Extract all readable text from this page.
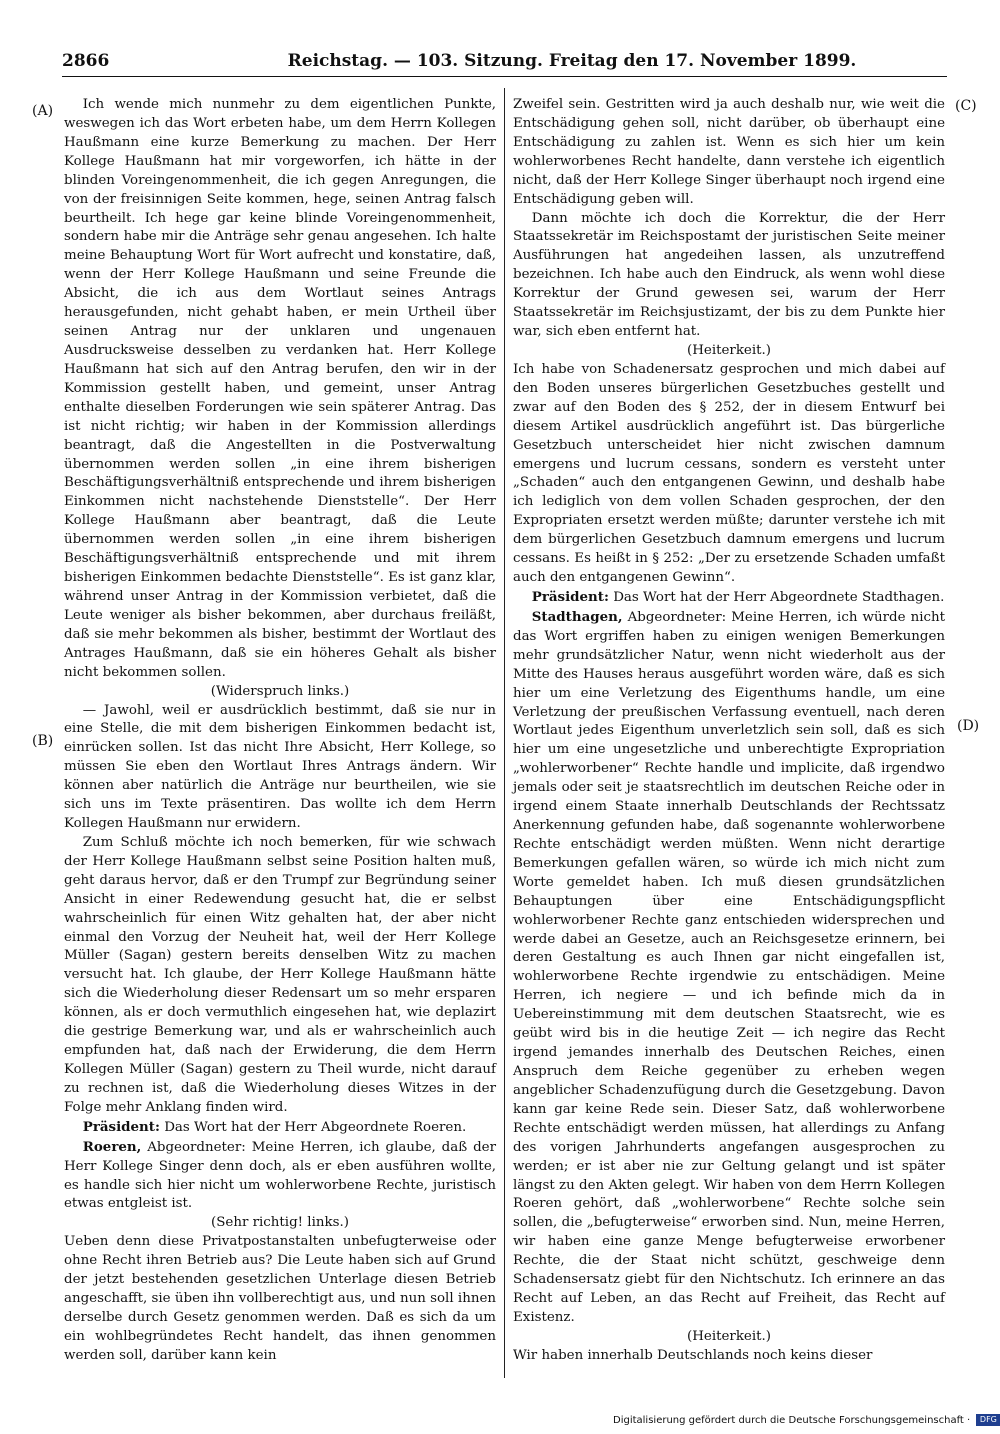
2866	Reichstag. — 103. Sitzung. Freitag den 17. November 1899.
(A)
(B)
(C)
(D)

Ich wende mich nunmehr zu dem eigentlichen Punkte, weswegen ich das Wort erbeten habe, um dem Herrn Kollegen Haußmann eine kurze Bemerkung zu machen. Der Herr Kollege Haußmann hat mir vorgeworfen, ich hätte in der blinden Voreingenommenheit, die ich gegen Anregungen, die von der freisinnigen Seite kommen, hege, seinen Antrag falsch beurtheilt. Ich hege gar keine blinde Voreingenommenheit, sondern habe mir die Anträge sehr genau angesehen. Ich halte meine Behauptung Wort für Wort aufrecht und konstatire, daß, wenn der Herr Kollege Haußmann und seine Freunde die Absicht, die ich aus dem Wortlaut seines Antrags herausgefunden, nicht gehabt haben, er mein Urtheil über seinen Antrag nur der unklaren und ungenauen Ausdrucksweise desselben zu verdanken hat. Herr Kollege Haußmann hat sich auf den Antrag berufen, den wir in der Kommission gestellt haben, und gemeint, unser Antrag enthalte dieselben Forderungen wie sein späterer Antrag. Das ist nicht richtig; wir haben in der Kommission allerdings beantragt, daß die Angestellten in die Postverwaltung übernommen werden sollen „in eine ihrem bisherigen Beschäftigungsverhältniß entsprechende und ihrem bisherigen Einkommen nicht nachstehende Dienststelle“. Der Herr Kollege Haußmann aber beantragt, daß die Leute übernommen werden sollen „in eine ihrem bisherigen Beschäftigungsverhältniß entsprechende und mit ihrem bisherigen Einkommen bedachte Dienststelle“. Es ist ganz klar, während unser Antrag in der Kommission verbietet, daß die Leute weniger als bisher bekommen, aber durchaus freiläßt, daß sie mehr bekommen als bisher, bestimmt der Wortlaut des Antrages Haußmann, daß sie ein höheres Gehalt als bisher nicht bekommen sollen.

(Widerspruch links.)

— Jawohl, weil er ausdrücklich bestimmt, daß sie nur in eine Stelle, die mit dem bisherigen Einkommen bedacht ist, einrücken sollen. Ist das nicht Ihre Absicht, Herr Kollege, so müssen Sie eben den Wortlaut Ihres Antrags ändern. Wir können aber natürlich die Anträge nur beurtheilen, wie sie sich uns im Texte präsentiren. Das wollte ich dem Herrn Kollegen Haußmann nur erwidern.

Zum Schluß möchte ich noch bemerken, für wie schwach der Herr Kollege Haußmann selbst seine Position halten muß, geht daraus hervor, daß er den Trumpf zur Begründung seiner Ansicht in einer Redewendung gesucht hat, die er selbst wahrscheinlich für einen Witz gehalten hat, der aber nicht einmal den Vorzug der Neuheit hat, weil der Herr Kollege Müller (Sagan) gestern bereits denselben Witz zu machen versucht hat. Ich glaube, der Herr Kollege Haußmann hätte sich die Wiederholung dieser Redensart um so mehr ersparen können, als er doch vermuthlich eingesehen hat, wie deplazirt die gestrige Bemerkung war, und als er wahrscheinlich auch empfunden hat, daß nach der Erwiderung, die dem Herrn Kollegen Müller (Sagan) gestern zu Theil wurde, nicht darauf zu rechnen ist, daß die Wiederholung dieses Witzes in der Folge mehr Anklang finden wird.

Präsident: Das Wort hat der Herr Abgeordnete Roeren.

Roeren, Abgeordneter: Meine Herren, ich glaube, daß der Herr Kollege Singer denn doch, als er eben ausführen wollte, es handle sich hier nicht um wohlerworbene Rechte, juristisch etwas entgleist ist.

(Sehr richtig! links.)

Ueben denn diese Privatpostanstalten unbefugterweise oder ohne Recht ihren Betrieb aus? Die Leute haben sich auf Grund der jetzt bestehenden gesetzlichen Unterlage diesen Betrieb angeschafft, sie üben ihn vollberechtigt aus, und nun soll ihnen derselbe durch Gesetz genommen werden. Daß es sich da um ein wohlbegründetes Recht handelt, das ihnen genommen werden soll, darüber kann kein

Zweifel sein. Gestritten wird ja auch deshalb nur, wie weit die Entschädigung gehen soll, nicht darüber, ob überhaupt eine Entschädigung zu zahlen ist. Wenn es sich hier um kein wohlerworbenes Recht handelte, dann verstehe ich eigentlich nicht, daß der Herr Kollege Singer überhaupt noch irgend eine Entschädigung geben will.

Dann möchte ich doch die Korrektur, die der Herr Staatssekretär im Reichspostamt der juristischen Seite meiner Ausführungen hat angedeihen lassen, als unzutreffend bezeichnen. Ich habe auch den Eindruck, als wenn wohl diese Korrektur der Grund gewesen sei, warum der Herr Staatssekretär im Reichsjustizamt, der bis zu dem Punkte hier war, sich eben entfernt hat.

(Heiterkeit.)

Ich habe von Schadenersatz gesprochen und mich dabei auf den Boden unseres bürgerlichen Gesetzbuches gestellt und zwar auf den Boden des § 252, der in diesem Entwurf bei diesem Artikel ausdrücklich angeführt ist. Das bürgerliche Gesetzbuch unterscheidet hier nicht zwischen damnum emergens und lucrum cessans, sondern es versteht unter „Schaden“ auch den entgangenen Gewinn, und deshalb habe ich lediglich von dem vollen Schaden gesprochen, der den Expropriaten ersetzt werden müßte; darunter verstehe ich mit dem bürgerlichen Gesetzbuch damnum emergens und lucrum cessans. Es heißt in § 252: „Der zu ersetzende Schaden umfaßt auch den entgangenen Gewinn“.

Präsident: Das Wort hat der Herr Abgeordnete Stadthagen.

Stadthagen, Abgeordneter: Meine Herren, ich würde nicht das Wort ergriffen haben zu einigen wenigen Bemerkungen mehr grundsätzlicher Natur, wenn nicht wiederholt aus der Mitte des Hauses heraus ausgeführt worden wäre, daß es sich hier um eine Verletzung des Eigenthums handle, um eine Verletzung der preußischen Verfassung eventuell, nach deren Wortlaut jedes Eigenthum unverletzlich sein soll, daß es sich hier um eine ungesetzliche und unberechtigte Expropriation „wohlerworbener“ Rechte handle und implicite, daß irgendwo jemals oder seit je staatsrechtlich im deutschen Reiche oder in irgend einem Staate innerhalb Deutschlands der Rechtssatz Anerkennung gefunden habe, daß sogenannte wohlerworbene Rechte entschädigt werden müßten. Wenn nicht derartige Bemerkungen gefallen wären, so würde ich mich nicht zum Worte gemeldet haben. Ich muß diesen grundsätzlichen Behauptungen über eine Entschädigungspflicht wohlerworbener Rechte ganz entschieden widersprechen und werde dabei an Gesetze, auch an Reichsgesetze erinnern, bei deren Gestaltung es auch Ihnen gar nicht eingefallen ist, wohlerworbene Rechte irgendwie zu entschädigen. Meine Herren, ich negiere — und ich befinde mich da in Uebereinstimmung mit dem deutschen Staatsrecht, wie es geübt wird bis in die heutige Zeit — ich negire das Recht irgend jemandes innerhalb des Deutschen Reiches, einen Anspruch dem Reiche gegenüber zu erheben wegen angeblicher Schadenzufügung durch die Gesetzgebung. Davon kann gar keine Rede sein. Dieser Satz, daß wohlerworbene Rechte entschädigt werden müssen, hat allerdings zu Anfang des vorigen Jahrhunderts angefangen ausgesprochen zu werden; er ist aber nie zur Geltung gelangt und ist später längst zu den Akten gelegt. Wir haben von dem Herrn Kollegen Roeren gehört, daß „wohlerworbene“ Rechte solche sein sollen, die „befugterweise“ erworben sind. Nun, meine Herren, wir haben eine ganze Menge befugterweise erworbener Rechte, die der Staat nicht schützt, geschweige denn Schadensersatz giebt für den Nichtschutz. Ich erinnere an das Recht auf Leben, an das Recht auf Freiheit, das Recht auf Existenz.

(Heiterkeit.)

Wir haben innerhalb Deutschlands noch keins dieser

Digitalisierung gefördert durch die Deutsche Forschungsgemeinschaft · DFG
